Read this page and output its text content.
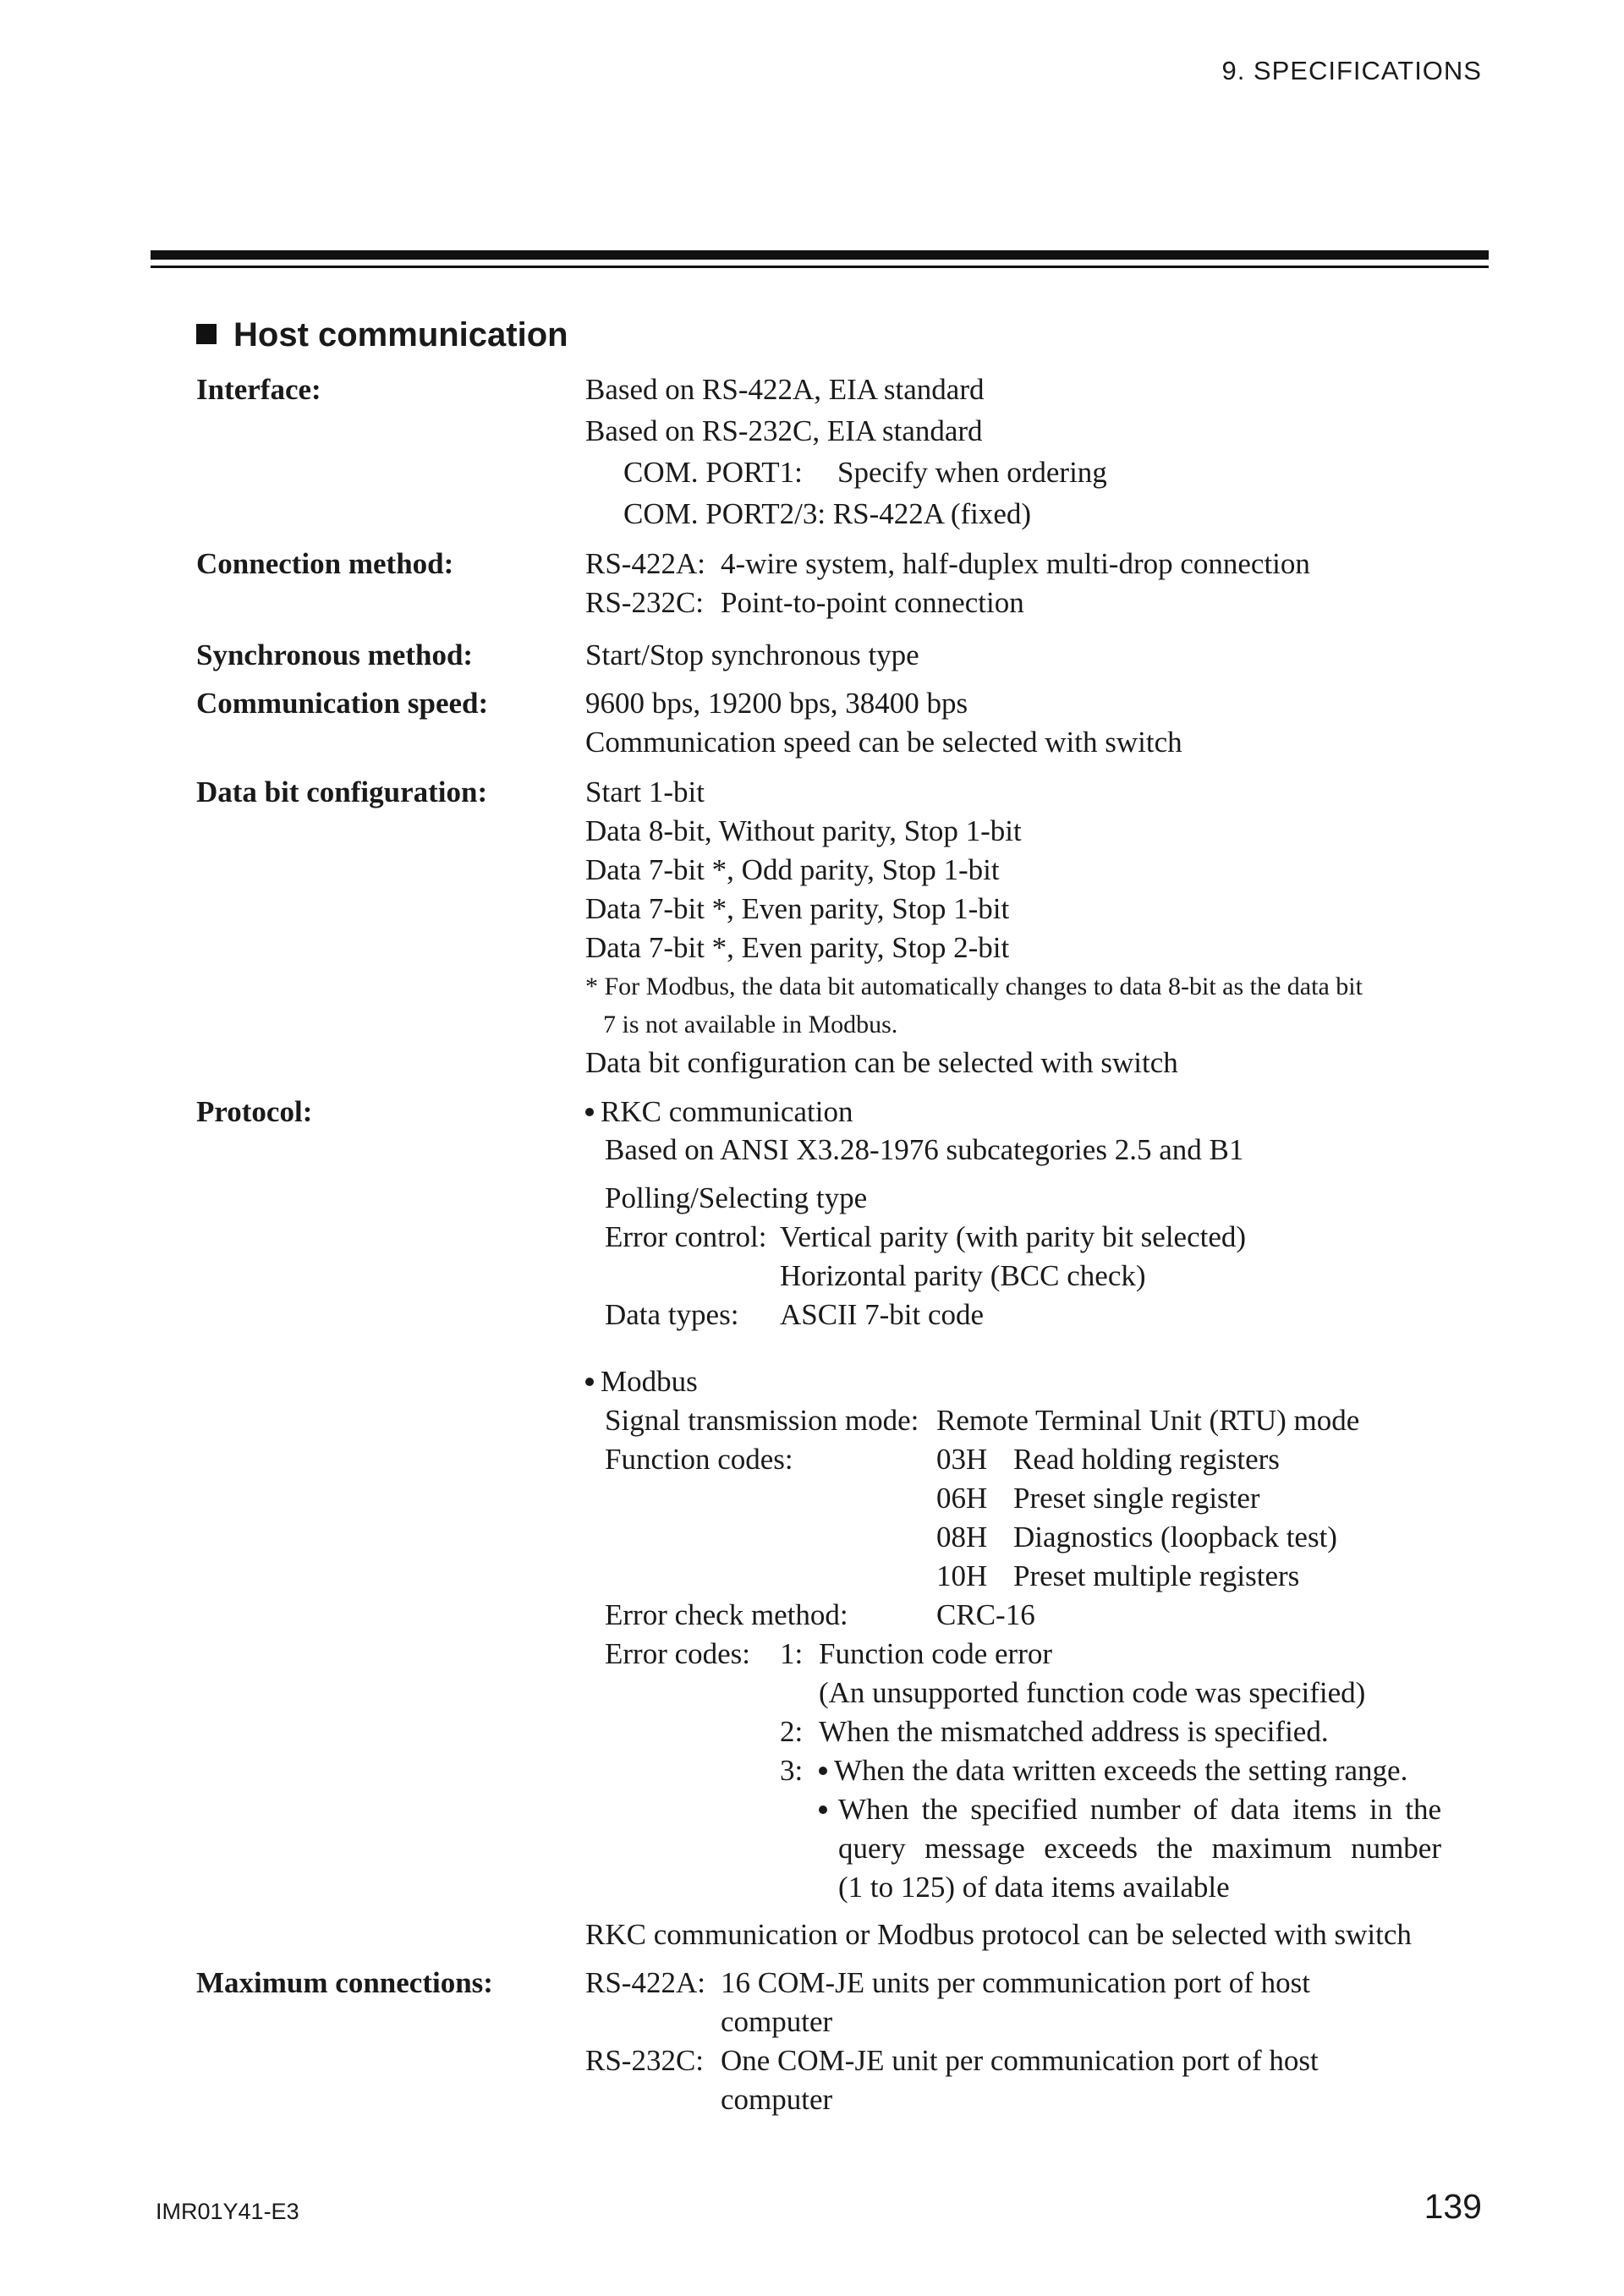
9. SPECIFICATIONS
Host communication
Interface:	Based on RS-422A, EIA standard
Based on RS-232C, EIA standard
COM. PORT1: Specify when ordering
COM. PORT2/3: RS-422A (fixed)
Connection method:	RS-422A: 4-wire system, half-duplex multi-drop connection
RS-232C: Point-to-point connection
Synchronous method:	Start/Stop synchronous type
Communication speed:	9600 bps, 19200 bps, 38400 bps
Communication speed can be selected with switch
Data bit configuration:	Start 1-bit
Data 8-bit, Without parity, Stop 1-bit
Data 7-bit *, Odd parity, Stop 1-bit
Data 7-bit *, Even parity, Stop 1-bit
Data 7-bit *, Even parity, Stop 2-bit
* For Modbus, the data bit automatically changes to data 8-bit as the data bit
7 is not available in Modbus.
Data bit configuration can be selected with switch
Protocol:	RKC communication
Based on ANSI X3.28-1976 subcategories 2.5 and B1
Polling/Selecting type
Error control: Vertical parity (with parity bit selected)
Horizontal parity (BCC check)
Data types: ASCII 7-bit code
Modbus
Signal transmission mode: Remote Terminal Unit (RTU) mode
Function codes:	03H Read holding registers
06H Preset single register
08H Diagnostics (loopback test)
10H Preset multiple registers
Error check method:	CRC-16
Error codes: 1: Function code error
(An unsupported function code was specified)
2: When the mismatched address is specified.
3:	When the data written exceeds the setting range.
When the specified number of data items in the
query message exceeds the maximum number
(1 to 125) of data items available
RKC communication or Modbus protocol can be selected with switch
Maximum connections:	RS-422A: 16 COM-JE units per communication port of host
computer
RS-232C: One COM-JE unit per communication port of host
computer
IMR01Y41-E3	139
